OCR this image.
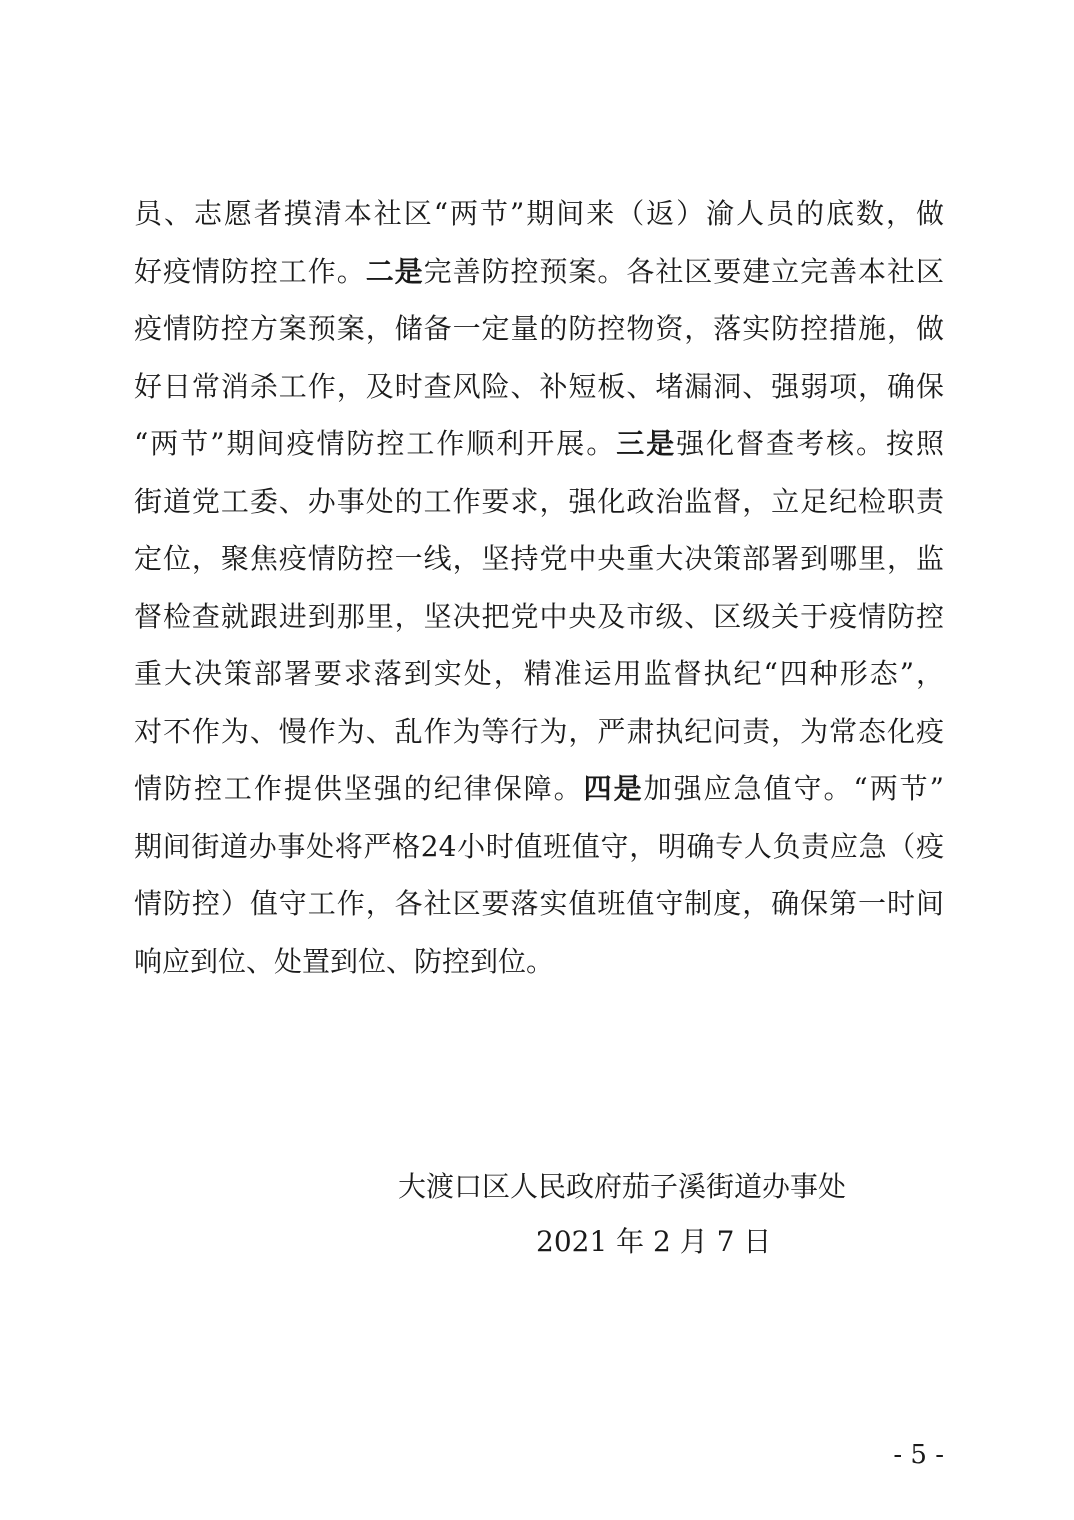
员、志愿者摸清本社区“两节”期间来（返）渝人员的底数，做
好疫情防控工作。二是完善防控预案。各社区要建立完善本社区
疫情防控方案预案，储备一定量的防控物资，落实防控措施，做
好日常消杀工作，及时查风险、补短板、堵漏洞、强弱项，确保
“两节”期间疫情防控工作顺利开展。三是强化督查考核。按照
街道党工委、办事处的工作要求，强化政治监督，立足纪检职责
定位，聚焦疫情防控一线，坚持党中央重大决策部署到哪里，监
督检查就跟进到那里，坚决把党中央及市级、区级关于疫情防控
重大决策部署要求落到实处，精准运用监督执纪“四种形态”，
对不作为、慢作为、乱作为等行为，严肃执纪问责，为常态化疫
情防控工作提供坚强的纪律保障。四是加强应急值守。“两节”
期间街道办事处将严格24小时值班值守，明确专人负责应急（疫
情防控）值守工作，各社区要落实值班值守制度，确保第一时间
响应到位、处置到位、防控到位。
大渡口区人民政府茄子溪街道办事处
2021 年 2 月 7 日
- 5 -
